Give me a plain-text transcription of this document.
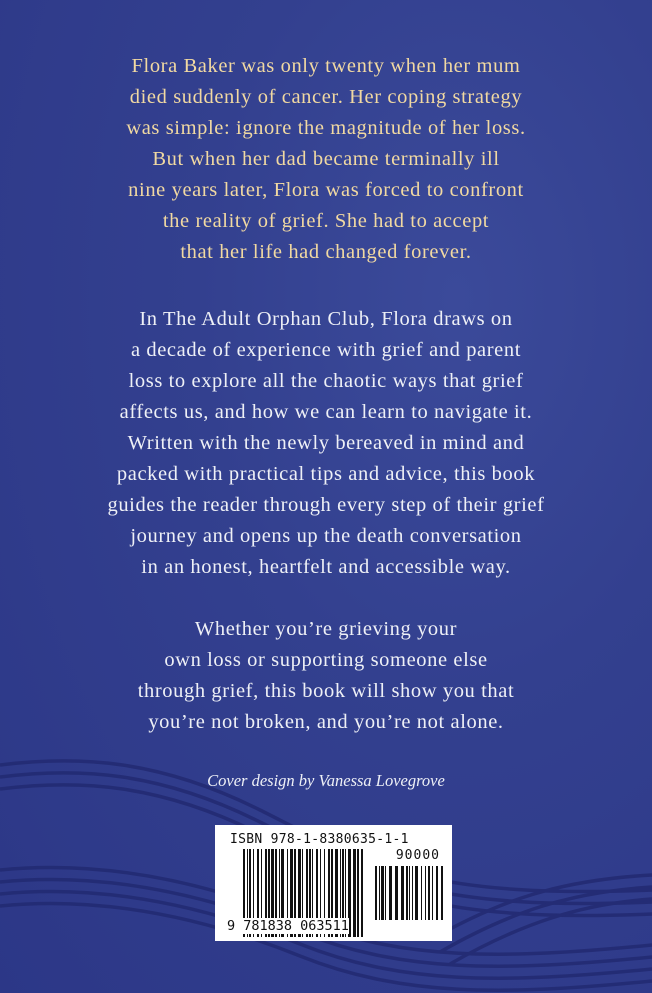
Flora Baker was only twenty when her mum
died suddenly of cancer. Her coping strategy
was simple: ignore the magnitude of her loss.
But when her dad became terminally ill
nine years later, Flora was forced to confront
the reality of grief. She had to accept
that her life had changed forever.
In The Adult Orphan Club, Flora draws on
a decade of experience with grief and parent
loss to explore all the chaotic ways that grief
affects us, and how we can learn to navigate it.
Written with the newly bereaved in mind and
packed with practical tips and advice, this book
guides the reader through every step of their grief
journey and opens up the death conversation
in an honest, heartfelt and accessible way.
Whether you’re grieving your
own loss or supporting someone else
through grief, this book will show you that
you’re not broken, and you’re not alone.
Cover design by Vanessa Lovegrove
ISBN 978-1-8380635-1-1
90000
9 781838 063511
